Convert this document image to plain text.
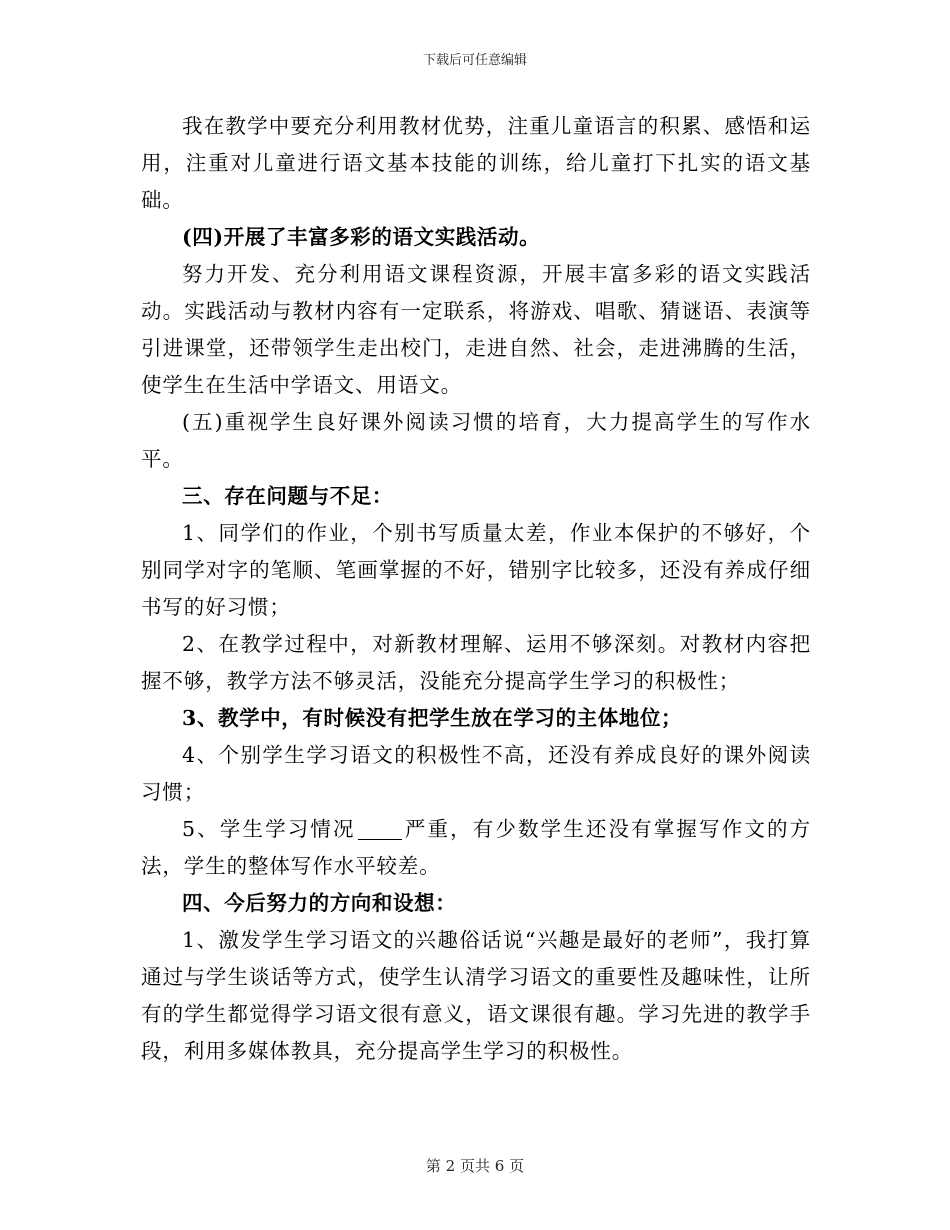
下载后可任意编辑

我在教学中要充分利用教材优势，注重儿童语言的积累、感悟和运用，注重对儿童进行语文基本技能的训练，给儿童打下扎实的语文基础。

(四)开展了丰富多彩的语文实践活动。

努力开发、充分利用语文课程资源，开展丰富多彩的语文实践活动。实践活动与教材内容有一定联系，将游戏、唱歌、猜谜语、表演等引进课堂，还带领学生走出校门，走进自然、社会，走进沸腾的生活，使学生在生活中学语文、用语文。

(五)重视学生良好课外阅读习惯的培育，大力提高学生的写作水平。

三、存在问题与不足：

1、同学们的作业，个别书写质量太差，作业本保护的不够好，个别同学对字的笔顺、笔画掌握的不好，错别字比较多，还没有养成仔细书写的好习惯；

2、在教学过程中，对新教材理解、运用不够深刻。对教材内容把握不够，教学方法不够灵活，没能充分提高学生学习的积极性；

3、教学中，有时候没有把学生放在学习的主体地位；

4、个别学生学习语文的积极性不高，还没有养成良好的课外阅读习惯；

5、学生学习情况 严重，有少数学生还没有掌握写作文的方法，学生的整体写作水平较差。

四、今后努力的方向和设想：

1、激发学生学习语文的兴趣俗话说“兴趣是最好的老师”，我打算通过与学生谈话等方式，使学生认清学习语文的重要性及趣味性，让所有的学生都觉得学习语文很有意义，语文课很有趣。学习先进的教学手段，利用多媒体教具，充分提高学生学习的积极性。

第 2 页共 6 页
